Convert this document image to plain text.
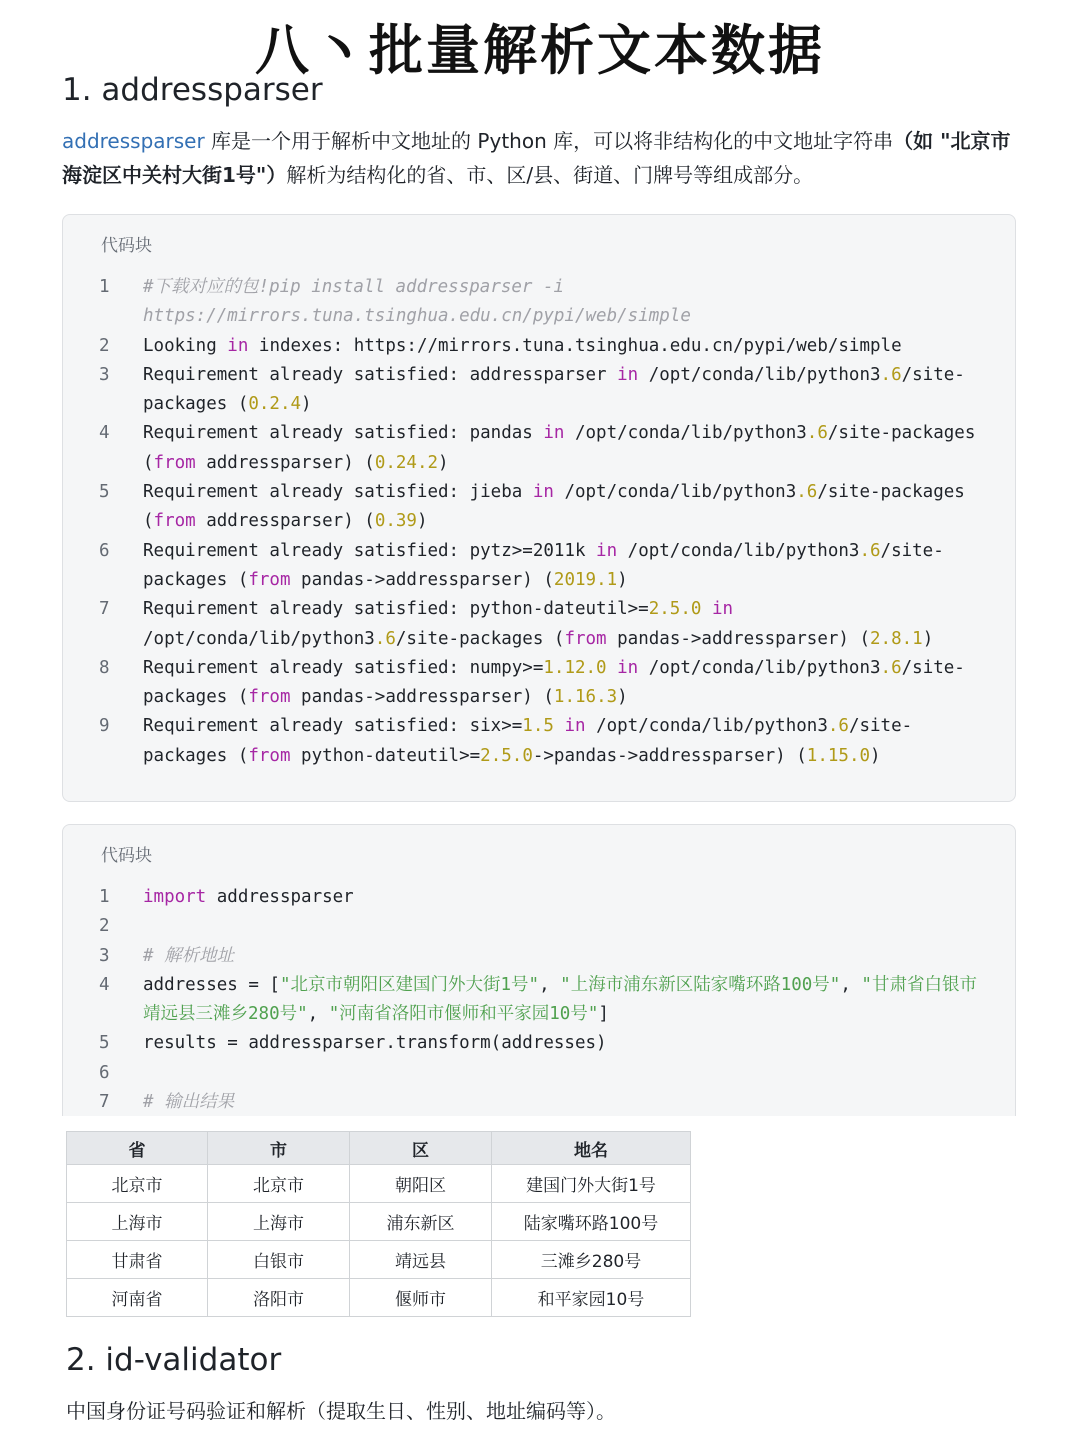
八丶批量解析文本数据
1. addressparser
addressparser 库是一个用于解析中文地址的 Python 库，可以将非结构化的中文地址字符串（如 "北京市海淀区中关村大街1号"）解析为结构化的省、市、区/县、街道、门牌号等组成部分。
代码块
1	#下载对应的包!pip install addressparser -i https://mirrors.tuna.tsinghua.edu.cn/pypi/web/simple
2	Looking in indexes: https://mirrors.tuna.tsinghua.edu.cn/pypi/web/simple
3	Requirement already satisfied: addressparser in /opt/conda/lib/python3.6/site-packages (0.2.4)
4	Requirement already satisfied: pandas in /opt/conda/lib/python3.6/site-packages (from addressparser) (0.24.2)
5	Requirement already satisfied: jieba in /opt/conda/lib/python3.6/site-packages (from addressparser) (0.39)
6	Requirement already satisfied: pytz>=2011k in /opt/conda/lib/python3.6/site-packages (from pandas->addressparser) (2019.1)
7	Requirement already satisfied: python-dateutil>=2.5.0 in /opt/conda/lib/python3.6/site-packages (from pandas->addressparser) (2.8.1)
8	Requirement already satisfied: numpy>=1.12.0 in /opt/conda/lib/python3.6/site-packages (from pandas->addressparser) (1.16.3)
9	Requirement already satisfied: six>=1.5 in /opt/conda/lib/python3.6/site-packages (from python-dateutil>=2.5.0->pandas->addressparser) (1.15.0)
代码块
1	import addressparser
2

3	# 解析地址
4	addresses = ["北京市朝阳区建国门外大街1号", "上海市浦东新区陆家嘴环路100号", "甘肃省白银市靖远县三滩乡280号", "河南省洛阳市偃师和平家园10号"]
5	results = addressparser.transform(addresses)
6

7	# 输出结果
省	市	区	地名
北京市	北京市	朝阳区	建国门外大街1号
上海市	上海市	浦东新区	陆家嘴环路100号
甘肃省	白银市	靖远县	三滩乡280号
河南省	洛阳市	偃师市	和平家园10号
2. id-validator
中国身份证号码验证和解析（提取生日、性别、地址编码等）。
